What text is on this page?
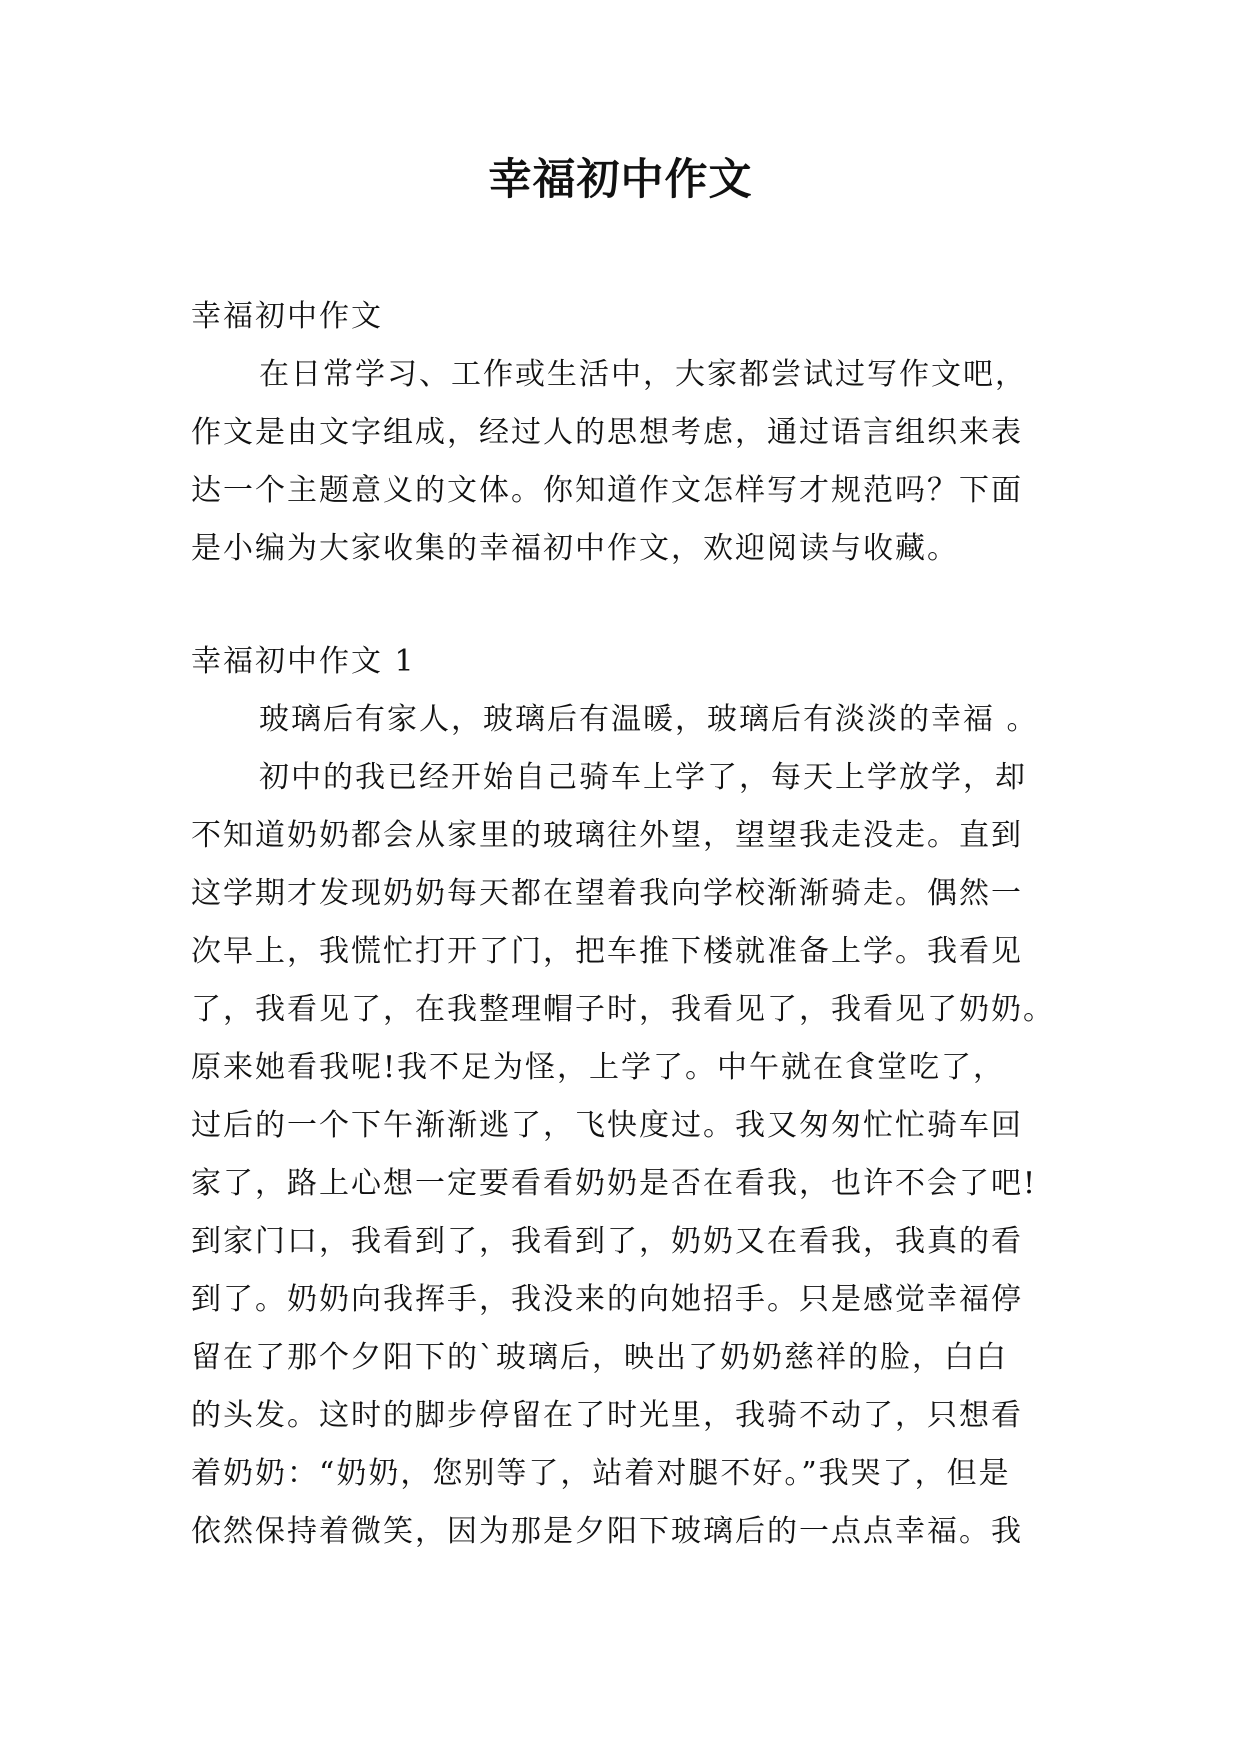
幸福初中作文
幸福初中作文
在日常学习、工作或生活中，大家都尝试过写作文吧，
作文是由文字组成，经过人的思想考虑，通过语言组织来表
达一个主题意义的文体。你知道作文怎样写才规范吗？下面
是小编为大家收集的幸福初中作文，欢迎阅读与收藏。
幸福初中作文 1
玻璃后有家人，玻璃后有温暖，玻璃后有淡淡的幸福 。
初中的我已经开始自己骑车上学了，每天上学放学，却
不知道奶奶都会从家里的玻璃往外望，望望我走没走。直到
这学期才发现奶奶每天都在望着我向学校渐渐骑走。偶然一
次早上，我慌忙打开了门，把车推下楼就准备上学。我看见
了，我看见了，在我整理帽子时，我看见了，我看见了奶奶。
原来她看我呢!我不足为怪，上学了。中午就在食堂吃了，
过后的一个下午渐渐逃了，飞快度过。我又匆匆忙忙骑车回
家了，路上心想一定要看看奶奶是否在看我，也许不会了吧!
到家门口，我看到了，我看到了，奶奶又在看我，我真的看
到了。奶奶向我挥手，我没来的向她招手。只是感觉幸福停
留在了那个夕阳下的`玻璃后，映出了奶奶慈祥的脸，白白
的头发。这时的脚步停留在了时光里，我骑不动了，只想看
着奶奶：“奶奶，您别等了，站着对腿不好。”我哭了，但是
依然保持着微笑，因为那是夕阳下玻璃后的一点点幸福。我
